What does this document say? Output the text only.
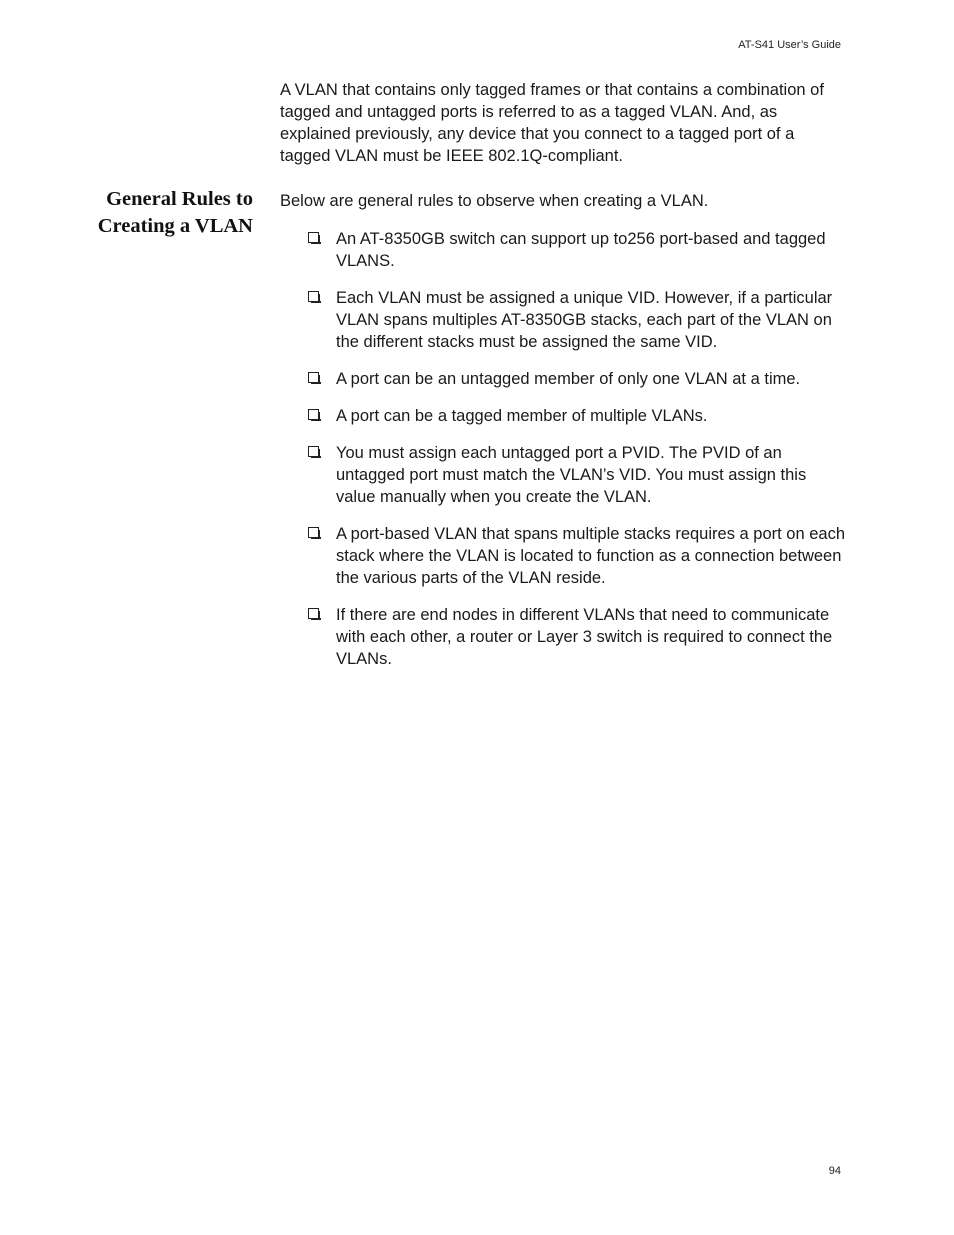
AT-S41 User’s Guide

A VLAN that contains only tagged frames or that contains a combination of tagged and untagged ports is referred to as a tagged VLAN. And, as explained previously, any device that you connect to a tagged port of a tagged VLAN must be IEEE 802.1Q-compliant.

General Rules to Creating a VLAN

Below are general rules to observe when creating a VLAN.

An AT-8350GB switch can support up to256 port-based and tagged VLANS.
Each VLAN must be assigned a unique VID. However, if a particular VLAN spans multiples AT-8350GB stacks, each part of the VLAN on the different stacks must be assigned the same VID.
A port can be an untagged member of only one VLAN at a time.
A port can be a tagged member of multiple VLANs.
You must assign each untagged port a PVID. The PVID of an untagged port must match the VLAN’s VID. You must assign this value manually when you create the VLAN.
A port-based VLAN that spans multiple stacks requires a port on each stack where the VLAN is located to function as a connection between the various parts of the VLAN reside.
If there are end nodes in different VLANs that need to communicate with each other, a router or Layer 3 switch is required to connect the VLANs.
94
